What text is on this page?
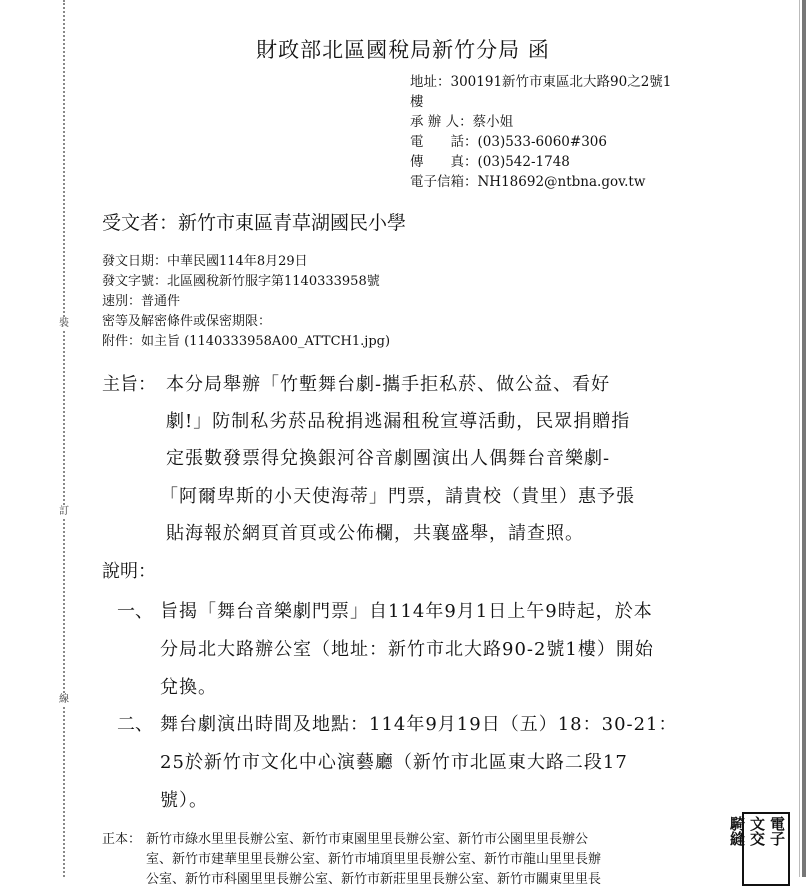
裝
訂
線
財政部北區國稅局新竹分局 函
地址：300191新竹市東區北大路90之2號1
樓
承 辦 人：蔡小姐
電　　話：(03)533-6060#306
傳　　真：(03)542-1748
電子信箱：NH18692@ntbna.gov.tw
受文者：新竹市東區青草湖國民小學
發文日期：中華民國114年8月29日
發文字號：北區國稅新竹服字第1140333958號
速別：普通件
密等及解密條件或保密期限：
附件：如主旨 (1140333958A00_ATTCH1.jpg)
主旨： 本分局舉辦「竹塹舞台劇-攜手拒私菸、做公益、看好
劇!」防制私劣菸品稅捐逃漏租稅宣導活動，民眾捐贈指
定張數發票得兌換銀河谷音劇團演出人偶舞台音樂劇-
「阿爾卑斯的小天使海蒂」門票，請貴校（貴里）惠予張
貼海報於網頁首頁或公佈欄，共襄盛舉，請查照。
說明：
一、 旨揭「舞台音樂劇門票」自114年9月1日上午9時起，於本
分局北大路辦公室（地址：新竹市北大路90-2號1樓）開始
兌換。
二、 舞台劇演出時間及地點：114年9月19日（五）18：30-21：
25於新竹市文化中心演藝廳（新竹市北區東大路二段17
號）。
正本： 新竹市綠水里里長辦公室、新竹市東園里里長辦公室、新竹市公園里里長辦公
室、新竹市建華里里長辦公室、新竹市埔頂里里長辦公室、新竹市龍山里里長辦
公室、新竹市科園里里長辦公室、新竹市新莊里里長辦公室、新竹市關東里里長
電子
文交
騎縫
